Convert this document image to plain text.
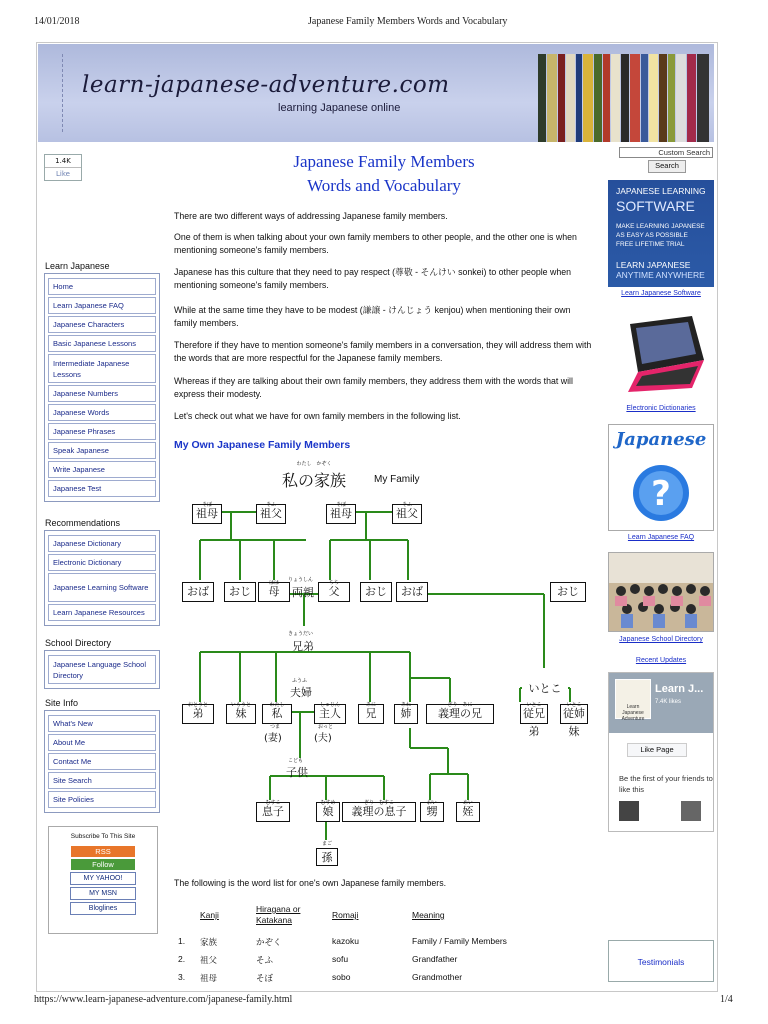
14/01/2018	Japanese Family Members Words and Vocabulary
https://www.learn-japanese-adventure.com/japanese-family.html	1/4
learn-japanese-adventure.com
learning Japanese online
1.4K
Like
Learn Japanese
Home
Learn Japanese FAQ
Japanese Characters
Basic Japanese Lessons
Intermediate Japanese Lessons
Japanese Numbers
Japanese Words
Japanese Phrases
Speak Japanese
Write Japanese
Japanese Test
Recommendations
Japanese Dictionary
Electronic Dictionary
Japanese Learning Software
Learn Japanese Resources
School Directory
Japanese Language School Directory
Site Info
What's New
About Me
Contact Me
Site Search
Site Policies
Subscribe To This Site
RSS
Follow
MY YAHOO!
MY MSN
Bloglines
Japanese Family Members
Words and Vocabulary
There are two different ways of addressing Japanese family members.
One of them is when talking about your own family members to other people, and the other one is when mentioning someone's family members.
Japanese has this culture that they need to pay respect (尊敬 - そんけい sonkei) to other people when mentioning someone's family members.
While at the same time they have to be modest (謙譲 - けんじょう kenjou) when mentioning their own family members.
Therefore if they have to mention someone's family members in a conversation, they will address them with the words that are more respectful for the Japanese family members.
Whereas if they are talking about their own family members, they address them with the words that will express their modesty.
Let's check out what we have for own family members in the following list.
My Own Japanese Family Members
私の家族
わたし　かぞく
My Family
そぼ
祖母
そふ
祖父
そぼ
祖母
そふ
祖父
おば	おじ
はは
母
ちち
父	おじ	おば	おじ
おとうと
弟
いもうと
妹
わたし
私
しゅじん
主人
あに
兄
あね
姉
ぎり　あに
義理の兄
いとこ
従兄弟
いとこ
従姉妹
むすこ
息子
むすめ
娘
ぎり　むすこ
義理の息子
おい
甥
めい
姪
両親
りょうしん
兄弟
きょうだい
夫婦
ふうふ
いとこ
(妻)
つま
(夫)
おっと
子供
こども
まご
孫
The following is the word list for one's own Japanese family members.
Kanji
Hiragana or Katakana	Romaji	Meaning
1. 家族	かぞく	kazoku	Family / Family Members
2. 祖父	そふ	sofu	Grandfather
3. 祖母	そぼ	sobo	Grandmother
Custom Search
Search
JAPANESE LEARNING
SOFTWARE
MAKE LEARNING JAPANESE
AS EASY AS POSSIBLE
FREE LIFETIME TRIAL
LEARN JAPANESE
ANYTIME ANYWHERE
Learn Japanese Software
Electronic Dictionaries
Japanese
?
Learn Japanese FAQ
Japanese School Directory
Recent Updates
Learn Japanese Adventure
Learn J...
7.4K likes
Like Page
Be the first of your friends to like this
Testimonials
